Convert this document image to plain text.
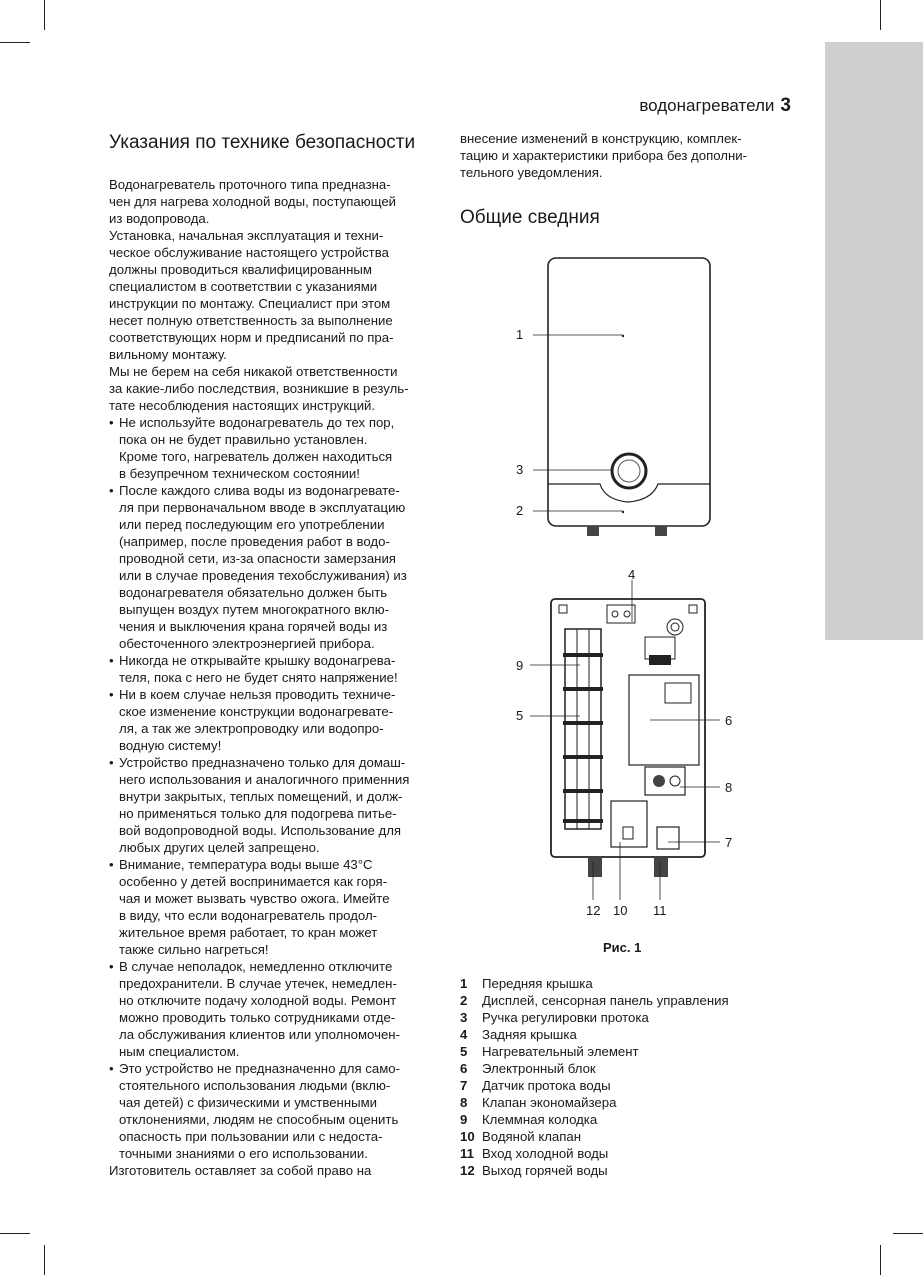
водонагреватели 3
Указания по технике безопасности

Водонагреватель проточного типа предназна-

чен для нагрева холодной воды, поступающей

из водопровода.

Установка, начальная эксплуатация и техни-

ческое обслуживание настоящего устройства

должны проводиться квалифицированным

специалистом в соответствии с указаниями

инструкции по монтажу. Специалист при этом

несет полную ответственность за выполнение

соответствующих норм и предписаний по пра-

вильному монтажу.

Мы не берем на себя никакой ответственности

за какие-либо последствия, возникшие в резуль-

тате несоблюдения настоящих инструкций.

• Не используйте водонагреватель до тех пор,
пока он не будет правильно установлен.
Кроме того, нагреватель должен находиться
в безупречном техническом состоянии!
• После каждого слива воды из водонагревате-
ля при первоначальном вводе в эксплуатацию
или перед последующим его употреблении
(например, после проведения работ в водо-
проводной сети, из-за опасности замерзания
или в случае проведения техобслуживания) из
водонагревателя обязательно должен быть
выпущен воздух путем многократного вклю-
чения и выключения крана горячей воды из
обесточенного электроэнергией прибора.
• Никогда не открывайте крышку водонагрева-
теля, пока с него не будет снято напряжение!
• Ни в коем случае нельзя проводить техниче-
ское изменение конструкции водонагревате-
ля, а так же электропроводку или водопро-
водную систему!
• Устройство предназначено только для домаш-
него использования и аналогичного применния
внутри закрытых, теплых помещений, и долж-
но применяться только для подогрева питье-
вой водопроводной воды. Использование для
любых других целей запрещено.
• Внимание, температура воды выше 43°C
особенно у детей воспринимается как горя-
чая и может вызвать чувство ожога. Имейте
в виду, что если водонагреватель продол-
жительное время работает, то кран может
также сильно нагреться!
• В случае неполадок, немедленно отключите
предохранители. В случае утечек, немедлен-
но отключите подачу холодной воды. Ремонт
можно проводить только сотрудниками отде-
ла обслуживания клиентов или уполномочен-
ным специалистом.
• Это устройство не предназначенно для само-
стоятельного использования людьми (вклю-
чая детей) с физическими и умственными
отклонениями, людям не способным оценить
опасность при пользовании или с недоста-
точными знаниями о его использовании.

Изготовитель оставляет за собой право на

внесение изменений в конструкцию, комплек-

тацию и характеристики прибора без дополни-

тельного уведомления.

Общие сведния
1
3
2
4
9
5	6
8
7
12 10 11
Рис. 1
1 Передняя крышка
2 Дисплей, сенсорная панель управления
3 Ручка регулировки протока
4 Задняя крышка
5 Нагревательный элемент
6 Электронный блок
7 Датчик протока воды
8 Клапан экономайзера
9 Клеммная колодка
10 Водяной клапан
11 Вход холодной воды
12 Выход горячей воды
